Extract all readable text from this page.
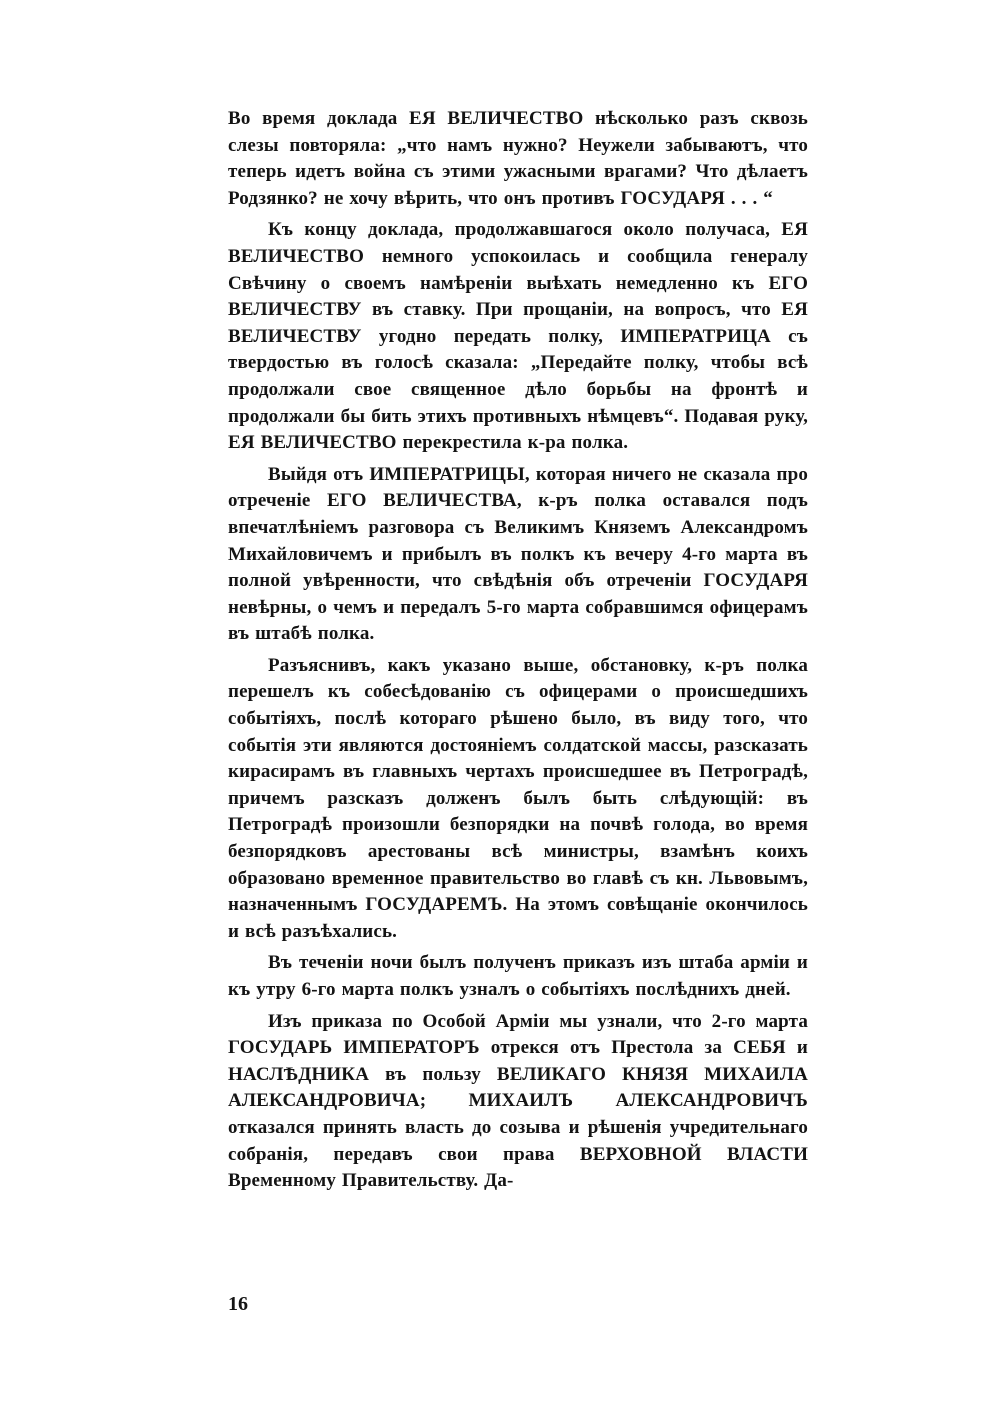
Во время доклада ЕЯ ВЕЛИЧЕСТВО нѣсколько разъ сквозь слезы повторяла: „что намъ нужно? Неужели забываютъ, что теперь идетъ война съ этими ужасными врагами? Что дѣлаетъ Родзянко? не хочу вѣрить, что онъ противъ ГОСУДАРЯ . . . “

Къ концу доклада, продолжавшагося около получаса, ЕЯ ВЕЛИЧЕСТВО немного успокоилась и сообщила генералу Свѣчину о своемъ намѣреніи выѣхать немедленно къ ЕГО ВЕЛИЧЕСТВУ въ ставку. При прощаніи, на вопросъ, что ЕЯ ВЕЛИЧЕСТВУ угодно передать полку, ИМПЕРАТРИЦА съ твердостью въ голосѣ сказала: „Передайте полку, чтобы всѣ продолжали свое священное дѣло борьбы на фронтѣ и продолжали бы бить этихъ противныхъ нѣмцевъ“. Подавая руку, ЕЯ ВЕЛИЧЕСТВО перекрестила к-ра полка.

Выйдя отъ ИМПЕРАТРИЦЫ, которая ничего не сказала про отреченіе ЕГО ВЕЛИЧЕСТВА, к-ръ полка оставался подъ впечатлѣніемъ разговора съ Великимъ Княземъ Александромъ Михайловичемъ и прибылъ въ полкъ къ вечеру 4-го марта въ полной увѣренности, что свѣдѣнія объ отреченіи ГОСУДАРЯ невѣрны, о чемъ и передалъ 5-го марта собравшимся офицерамъ въ штабѣ полка.

Разъяснивъ, какъ указано выше, обстановку, к-ръ полка перешелъ къ собесѣдованію съ офицерами о происшедшихъ событіяхъ, послѣ котораго рѣшено было, въ виду того, что событія эти являются достояніемъ солдатской массы, разсказать кирасирамъ въ главныхъ чертахъ происшедшее въ Петроградѣ, причемъ разсказъ долженъ былъ быть слѣдующій: въ Петроградѣ произошли безпорядки на почвѣ голода, во время безпорядковъ арестованы всѣ министры, взамѣнъ коихъ образовано временное правительство во главѣ съ кн. Львовымъ, назначеннымъ ГОСУДАРЕМЪ. На этомъ совѣщаніе окончилось и всѣ разъѣхались.

Въ теченіи ночи былъ полученъ приказъ изъ штаба арміи и къ утру 6-го марта полкъ узналъ о событіяхъ послѣднихъ дней.

Изъ приказа по Особой Арміи мы узнали, что 2-го марта ГОСУДАРЬ ИМПЕРАТОРЪ отрекся отъ Престола за СЕБЯ и НАСЛѢДНИКА въ пользу ВЕЛИКАГО КНЯЗЯ МИХАИЛА АЛЕКСАНДРОВИЧА; МИХАИЛЪ АЛЕКСАНДРОВИЧЪ отказался принять власть до созыва и рѣшенія учредительнаго собранія, передавъ свои права ВЕРХОВНОЙ ВЛАСТИ Временному Правительству. Да-

16
